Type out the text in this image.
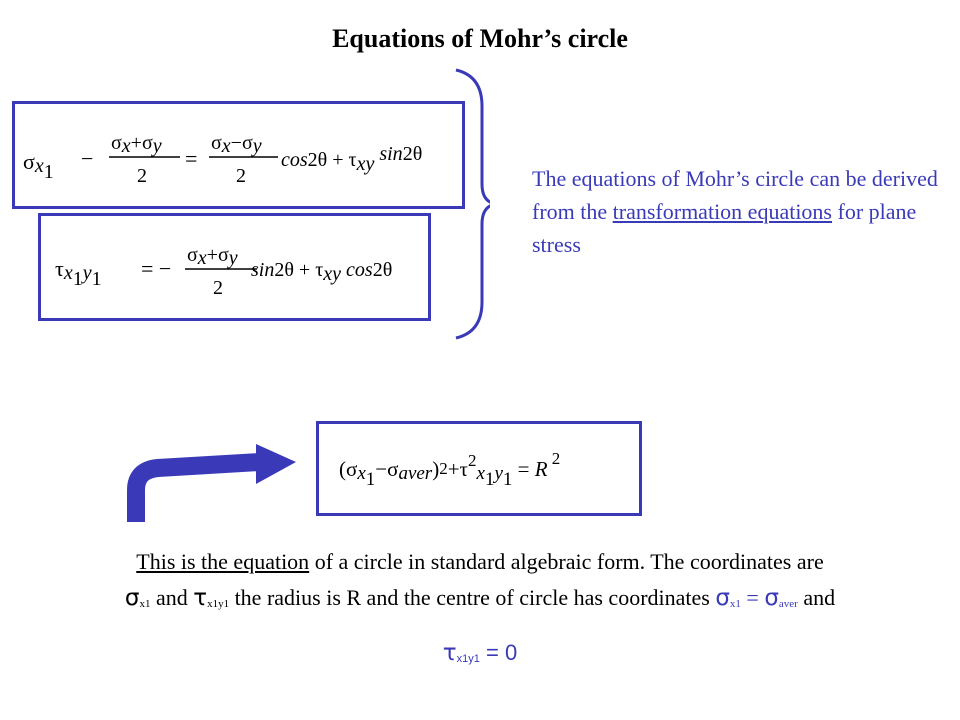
Equations of Mohr’s circle
σx1
−
σx+σy
2
=
σx−σy
2
cos2θ + τxy sin2θ
τx1y1 = −
σx+σy
2
sin2θ + τxy cos2θ
The equations of Mohr’s circle can be derived from the transformation equations for plane stress
$(\sigma x1-\sigma aver)2+\tau^2x1y1 = R$ $^2$
This is the equation of a circle in standard algebraic form. The coordinates are
σx1 and τx1y1 the radius is R and the centre of circle has coordinates σx1 = σaver and
τx1y1 = 0
